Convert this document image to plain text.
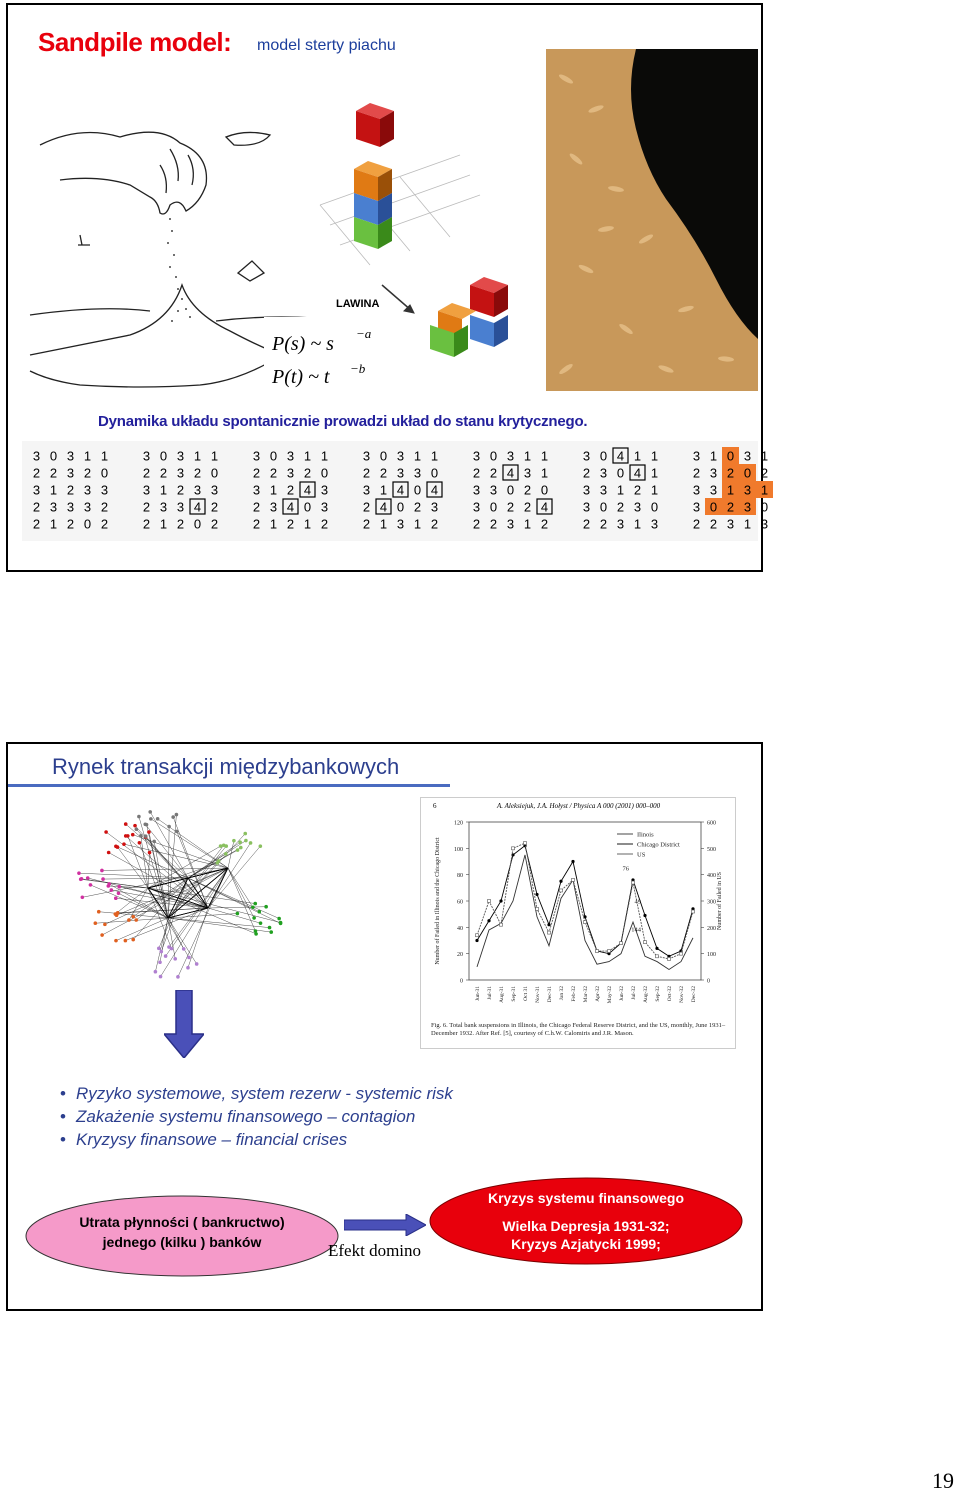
Sandpile model: model sterty piachu
LAWINA
P(s) ~ s −a
P(t) ~ t −b
Dynamika układu spontanicznie prowadzi układ do stanu krytycznego.
3 0 3 1 1
2 2 3 2 0
3 1 2 3 3
2 3 3 3 2
2 1 2 0 2
3 0 3 1 1
2 2 3 2 0
3 1 2 3 3
2 3 3 4 2
2 1 2 0 2
3 0 3 1 1
2 2 3 2 0
3 1 2 4 3
2 3 4 0 3
2 1 2 1 2
3 0 3 1 1
2 2 3 3 0
3 1 4 0 4
2 4 0 2 3
2 1 3 1 2
3 0 3 1 1
2 2 4 3 1
3 3 0 2 0
3 0 2 2 4
2 2 3 1 2
3 0 4 1 1
2 3 0 4 1
3 3 1 2 1
3 0 2 3 0
2 2 3 1 3
3 1 0 3 1
2 3 2 0 2
3 3 1 3 1
3 0 2 3 0
2 2 3 1 3
Rynek transakcji międzybankowych
6	A. Aleksiejuk, J.A. Hołyst / Physica A 000 (2001) 000–000
0
20
40
60
80
100
120
0
100
200
300
400
500
600
Number of Failed in Illinois and the Chicago District	Number of Failed in US
Jun-31 Jul-31 Aug-31 Sep-31 Oct 31 Nov-31 Dec-31 Jan 32 Feb-32 Mar-32 Apr-32 May-32 Jun-32 Jul-32 Aug-32 Sep-32 Oct-32 Nov-32 Dec-32
Ilinois
Chicago District
US
76
49
144
Fig. 6. Total bank suspensions in Illinois, the Chicago Federal Reserve District, and the US, monthly, June 1931–December 1932. After Ref. [5], courtesy of C.h.W. Calomiris and J.R. Mason.
• Ryzyko systemowe, system rezerw - systemic risk
• Zakażenie systemu finansowego – contagion
• Kryzysy finansowe – financial crises
Utrata płynności ( bankructwo)
jednego (kilku ) banków	Efekt domino
Kryzys systemu finansowego
Wielka Depresja 1931-32;
Kryzys Azjatycki 1999;
19
